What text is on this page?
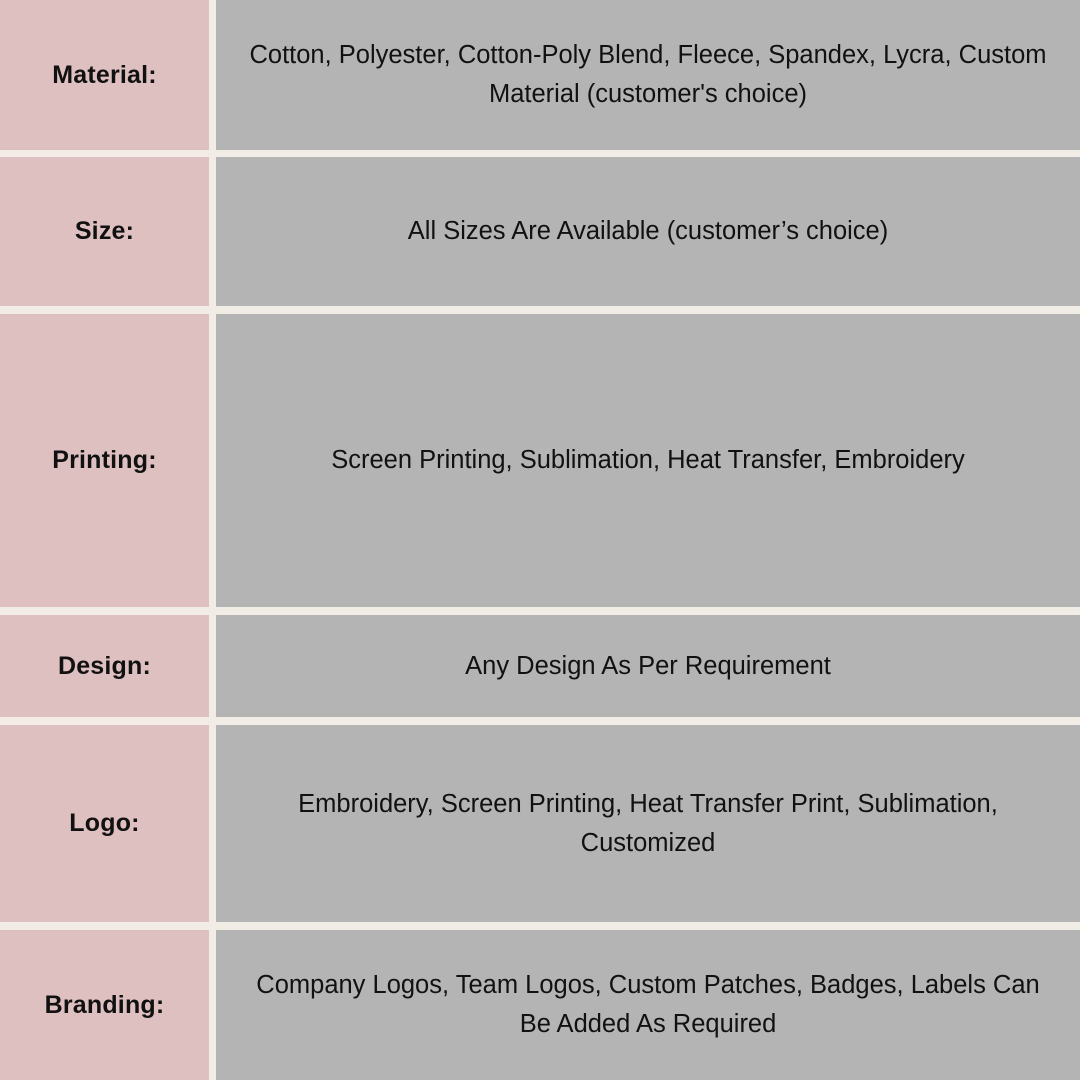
Material:
Cotton, Polyester, Cotton-Poly Blend, Fleece, Spandex, Lycra, Custom Material (customer's choice)
Size:	All Sizes Are Available (customer’s choice)
Printing:	Screen Printing, Sublimation, Heat Transfer, Embroidery
Design:	Any Design As Per Requirement
Logo:
Embroidery, Screen Printing, Heat Transfer Print, Sublimation, Customized
Branding:
Company Logos, Team Logos, Custom Patches, Badges, Labels Can Be Added As Required
